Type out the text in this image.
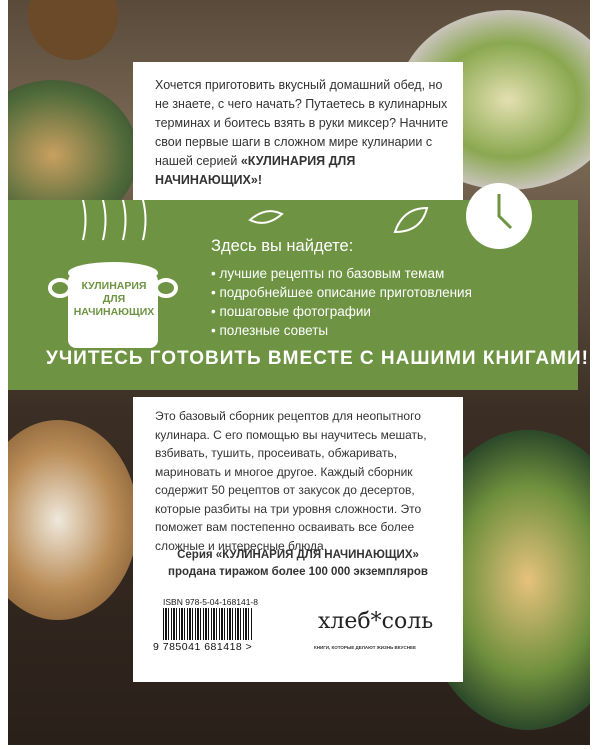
Хочется приготовить вкусный домашний обед, но не знаете, с чего начать? Путаетесь в кулинарных терминах и боитесь взять в руки миксер? Начните свои первые шаги в сложном мире кулинарии с нашей серией «КУЛИНАРИЯ ДЛЯ НАЧИНАЮЩИХ»!
КУЛИНАРИЯ ДЛЯ НАЧИНАЮЩИХ
Здесь вы найдете:
• лучшие рецепты по базовым темам
• подробнейшее описание приготовления
• пошаговые фотографии
• полезные советы
УЧИТЕСЬ ГОТОВИТЬ ВМЕСТЕ С НАШИМИ КНИГАМИ!
Это базовый сборник рецептов для неопытного кулинара. С его помощью вы научитесь мешать, взбивать, тушить, просеивать, обжаривать, мариновать и многое другое. Каждый сборник содержит 50 рецептов от закусок до десертов, которые разбиты на три уровня сложности. Это поможет вам постепенно осваивать все более сложные и интересные блюда.
Серия «КУЛИНАРИЯ ДЛЯ НАЧИНАЮЩИХ»
продана тиражом более 100 000 экземпляров
ISBN 978-5-04-168141-8
9 785041 681418 >
хлеб*соль
КНИГИ, КОТОРЫЕ ДЕЛАЮТ ЖИЗНЬ ВКУСНЕЕ
